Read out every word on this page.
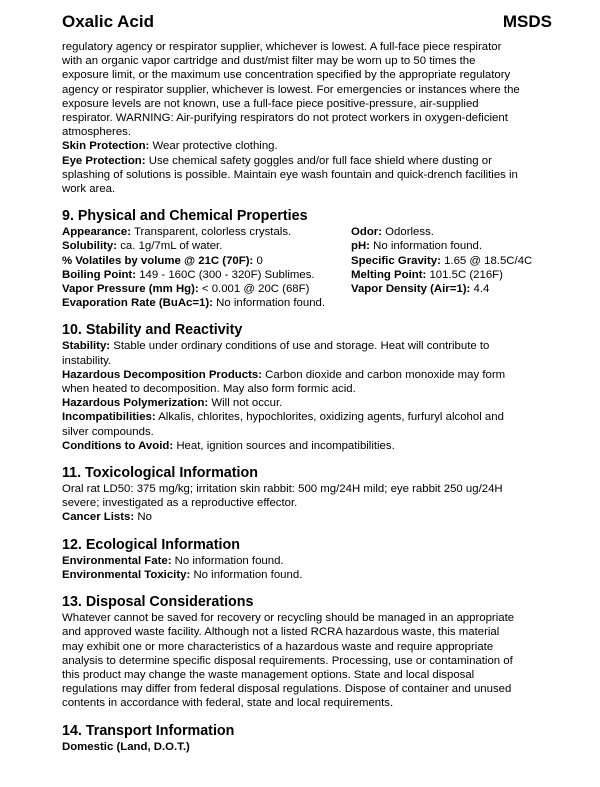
Oxalic Acid	MSDS

regulatory agency or respirator supplier, whichever is lowest. A full-face piece respirator

with an organic vapor cartridge and dust/mist filter may be worn up to 50 times the

exposure limit, or the maximum use concentration specified by the appropriate regulatory

agency or respirator supplier, whichever is lowest. For emergencies or instances where the

exposure levels are not known, use a full-face piece positive-pressure, air-supplied

respirator. WARNING: Air-purifying respirators do not protect workers in oxygen-deficient

atmospheres.

Skin Protection: Wear protective clothing.

Eye Protection: Use chemical safety goggles and/or full face shield where dusting or

splashing of solutions is possible. Maintain eye wash fountain and quick-drench facilities in

work area.

9. Physical and Chemical Properties
Appearance: Transparent, colorless crystals.	Odor: Odorless.
Solubility: ca. 1g/7mL of water.	pH: No information found.
% Volatiles by volume @ 21C (70F): 0	Specific Gravity: 1.65 @ 18.5C/4C
Boiling Point: 149 - 160C (300 - 320F) Sublimes.	Melting Point: 101.5C (216F)
Vapor Pressure (mm Hg): < 0.001 @ 20C (68F)	Vapor Density (Air=1): 4.4
Evaporation Rate (BuAc=1): No information found.
10. Stability and Reactivity

Stability: Stable under ordinary conditions of use and storage. Heat will contribute to

instability.

Hazardous Decomposition Products: Carbon dioxide and carbon monoxide may form

when heated to decomposition. May also form formic acid.

Hazardous Polymerization: Will not occur.

Incompatibilities: Alkalis, chlorites, hypochlorites, oxidizing agents, furfuryl alcohol and

silver compounds.

Conditions to Avoid: Heat, ignition sources and incompatibilities.

11. Toxicological Information

Oral rat LD50: 375 mg/kg; irritation skin rabbit: 500 mg/24H mild; eye rabbit 250 ug/24H

severe; investigated as a reproductive effector.

Cancer Lists: No

12. Ecological Information

Environmental Fate: No information found.

Environmental Toxicity: No information found.

13. Disposal Considerations

Whatever cannot be saved for recovery or recycling should be managed in an appropriate

and approved waste facility. Although not a listed RCRA hazardous waste, this material

may exhibit one or more characteristics of a hazardous waste and require appropriate

analysis to determine specific disposal requirements. Processing, use or contamination of

this product may change the waste management options. State and local disposal

regulations may differ from federal disposal regulations. Dispose of container and unused

contents in accordance with federal, state and local requirements.

14. Transport Information

Domestic (Land, D.O.T.)
